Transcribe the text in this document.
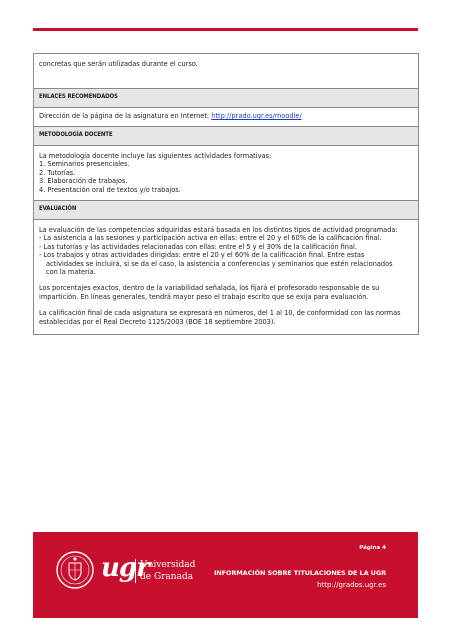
concretas que serán utilizadas durante el curso.
ENLACES RECOMENDADOS
Dirección de la página de la asignatura en Internet: http://prado.ugr.es/moodle/
METODOLOGÍA DOCENTE

La metodología docente incluye las siguientes actividades formativas:

1. Seminarios presenciales.

2. Tutorías.

3. Elaboración de trabajos.

4. Presentación oral de textos y/o trabajos.

EVALUACIÓN

La evaluación de las competencias adquiridas estará basada en los distintos tipos de actividad programada:

- La asistencia a las sesiones y participación activa en ellas: entre el 20 y el 60% de la calificación final.

- Las tutorías y las actividades relacionadas con ellas: entre el 5 y el 30% de la calificación final.

- Los trabajos y otras actividades dirigidas: entre el 20 y el 60% de la calificación final. Entre estas

actividades se incluirá, si se da el caso, la asistencia a conferencias y seminarios que estén relacionados

con la materia.

Los porcentajes exactos, dentro de la variabilidad señalada, los fijará el profesorado responsable de su

impartición. En líneas generales, tendrá mayor peso el trabajo escrito que se exija para evaluación.

La calificación final de cada asignatura se expresará en números, del 1 al 10, de conformidad con las normas

establecidas por el Real Decreto 1125/2003 (BOE 18 septiembre 2003).

ugr
Universidad
de Granada
Página 4
INFORMACIÓN SOBRE TITULACIONES DE LA UGR
http://grados.ugr.es
